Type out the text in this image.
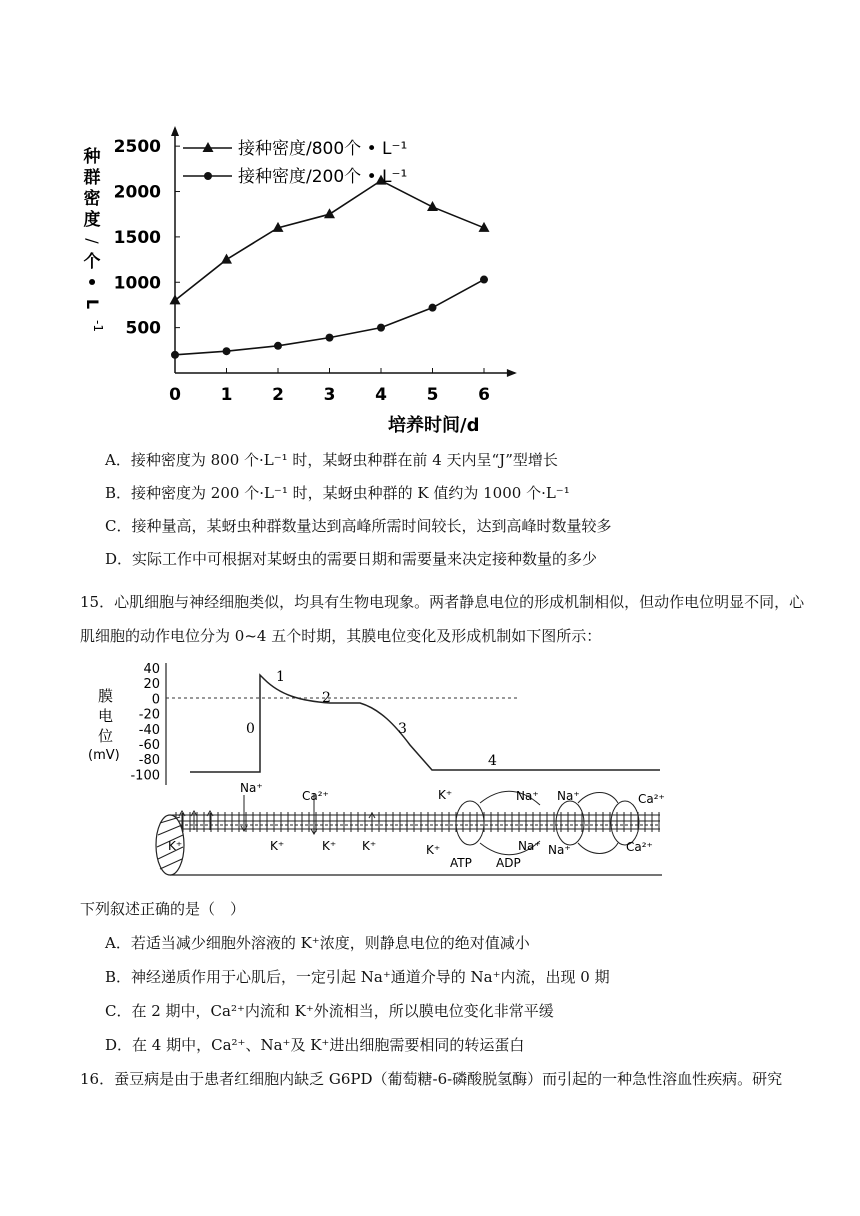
种
群
密
度
/
个
•
L
-1 500
1000
1500
2000
2500
0 1 2 3 4 5 6
接种密度/800个 • L⁻¹
接种密度/200个 • L⁻¹
培养时间/d
A．接种密度为 800 个·L⁻¹ 时，某蚜虫种群在前 4 天内呈“J”型增长
B．接种密度为 200 个·L⁻¹ 时，某蚜虫种群的 K 值约为 1000 个·L⁻¹
C．接种量高，某蚜虫种群数量达到高峰所需时间较长，达到高峰时数量较多
D．实际工作中可根据对某蚜虫的需要日期和需要量来决定接种数量的多少
15．心肌细胞与神经细胞类似，均具有生物电现象。两者静息电位的形成机制相似，但动作电位明显不同，心肌细胞的动作电位分为 0~4 五个时期，其膜电位变化及形成机制如下图所示：
膜
电
位
(mV)
40
20
0
-20
-40
-60
-80
-100
0
1
2
3
4
Na⁺
Ca²⁺	K⁺	Na⁺ Na⁺	Ca²⁺
K⁺	K⁺	K⁺ K⁺	K⁺	Na⁺ Na⁺	Ca²⁺
ATP ADP
下列叙述正确的是（　）
A．若适当减少细胞外溶液的 K⁺浓度，则静息电位的绝对值减小
B．神经递质作用于心肌后，一定引起 Na⁺通道介导的 Na⁺内流，出现 0 期
C．在 2 期中，Ca²⁺内流和 K⁺外流相当，所以膜电位变化非常平缓
D．在 4 期中，Ca²⁺、Na⁺及 K⁺进出细胞需要相同的转运蛋白
16．蚕豆病是由于患者红细胞内缺乏 G6PD（葡萄糖-6-磷酸脱氢酶）而引起的一种急性溶血性疾病。研究
